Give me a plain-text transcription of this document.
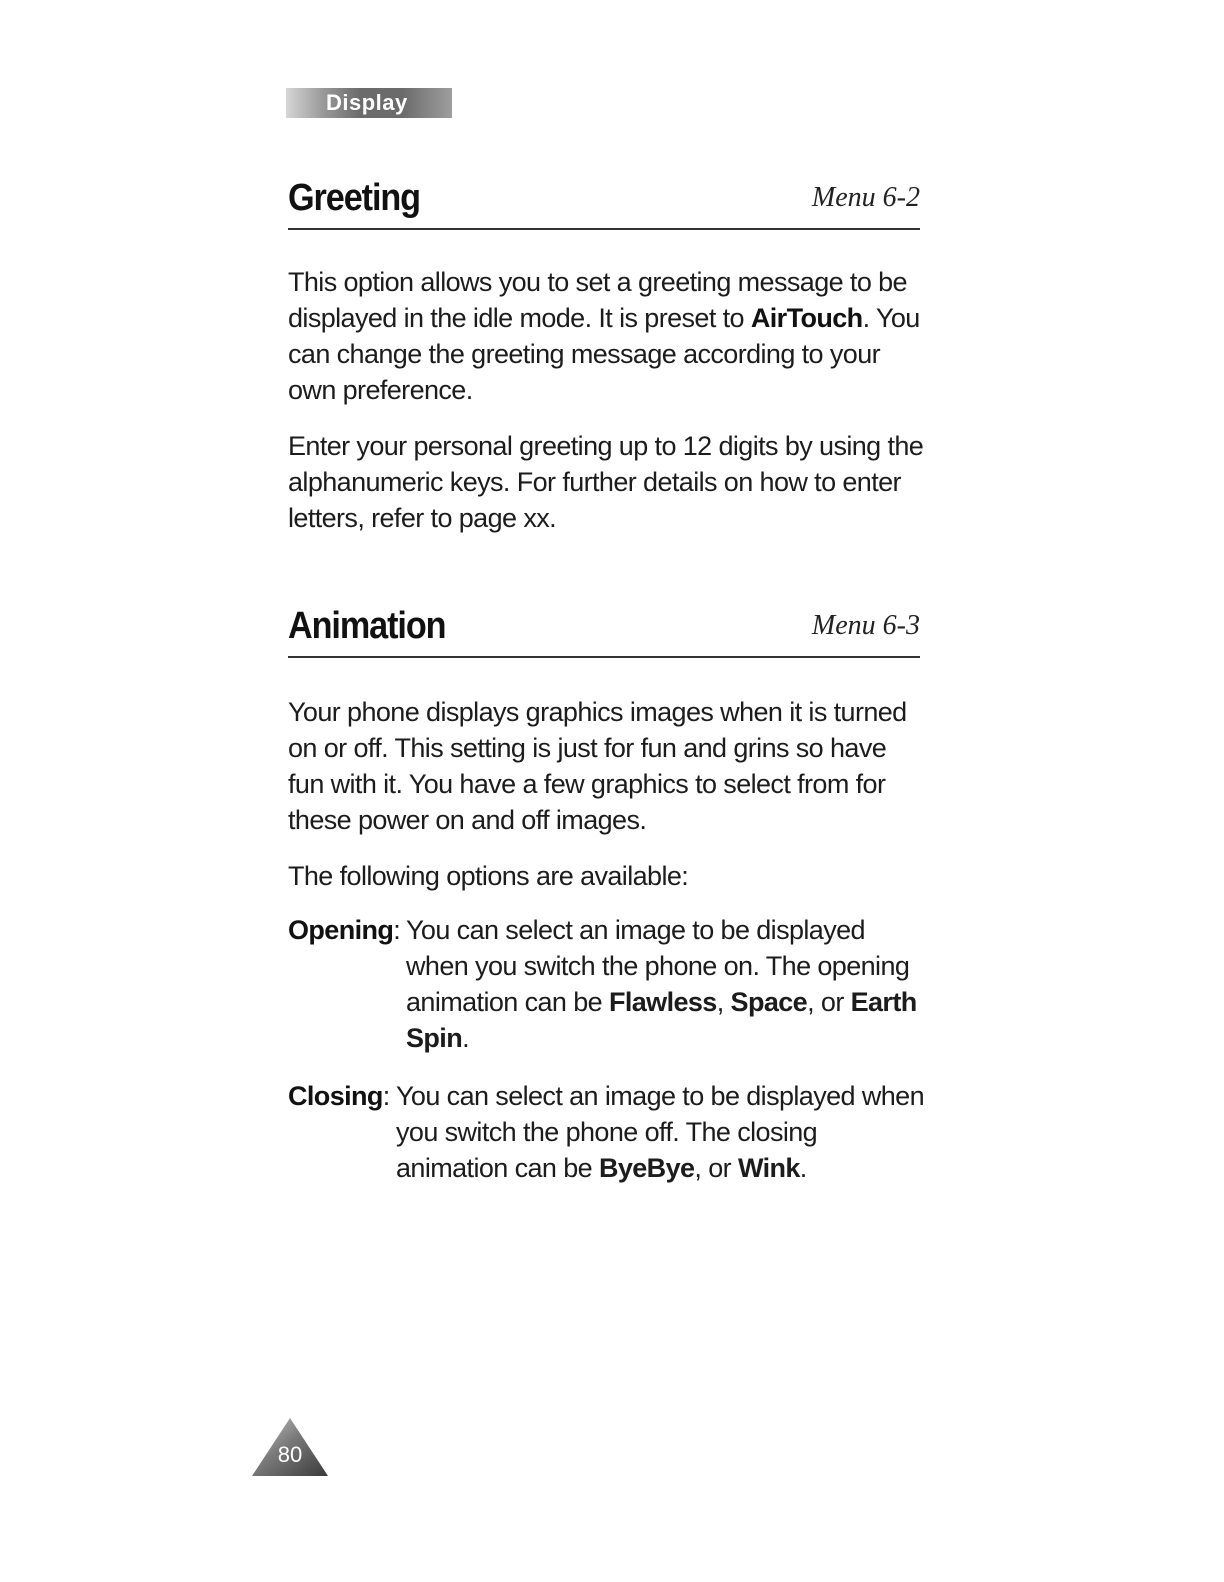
Display
Greeting	Menu 6-2

This option allows you to set a greeting message to be displayed in the idle mode. It is preset to AirTouch. You can change the greeting message according to your own preference.

Enter your personal greeting up to 12 digits by using the alphanumeric keys. For further details on how to enter letters, refer to page xx.

Animation	Menu 6-3

Your phone displays graphics images when it is turned on or off. This setting is just for fun and grins so have fun with it. You have a few graphics to select from for these power on and off images.

The following options are available:

Opening: You can select an image to be displayed when you switch the phone on. The opening animation can be Flawless, Space, or Earth Spin.
Closing: You can select an image to be displayed when you switch the phone off. The closing animation can be ByeBye, or Wink.
80
